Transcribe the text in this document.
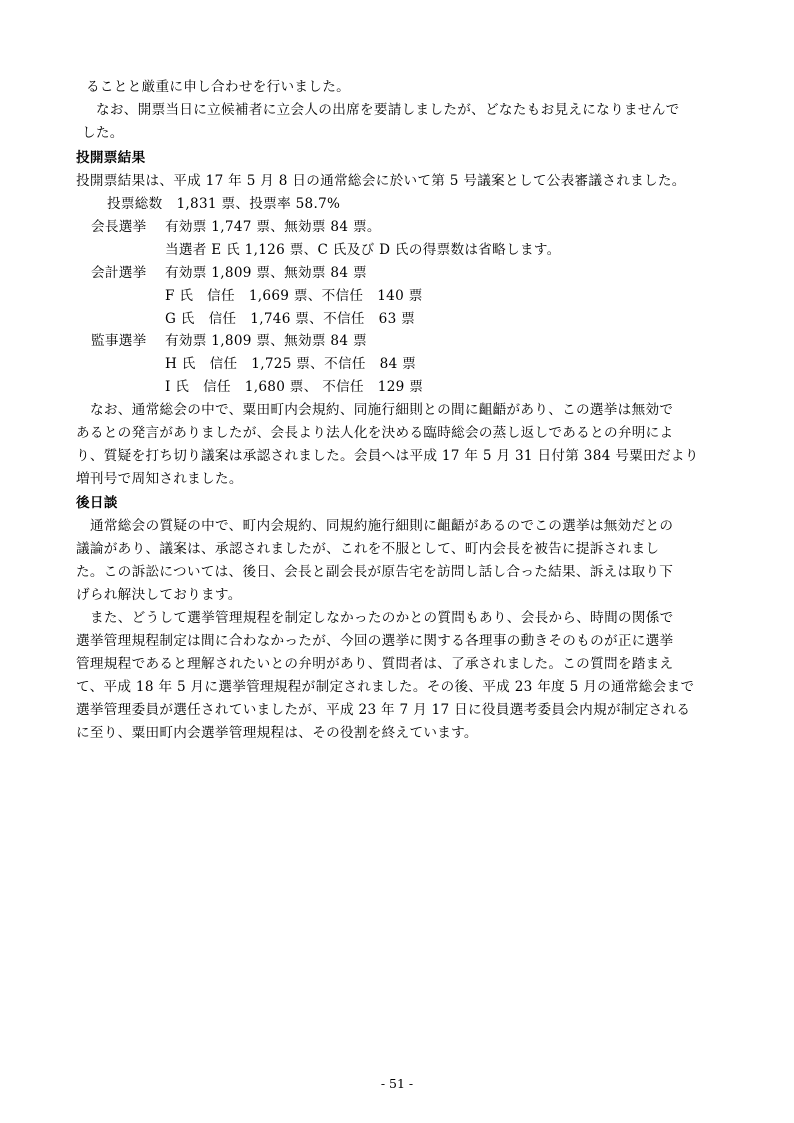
ることと厳重に申し合わせを行いました。
なお、開票当日に立候補者に立会人の出席を要請しましたが、どなたもお見えになりませんで
した。
投開票結果
投開票結果は、平成 17 年 5 月 8 日の通常総会に於いて第 5 号議案として公表審議されました。
投票総数　1,831 票、投票率 58.7%
会長選挙 有効票 1,747 票、無効票 84 票。
当選者 E 氏 1,126 票、C 氏及び D 氏の得票数は省略します。
会計選挙 有効票 1,809 票、無効票 84 票
F 氏　信任　1,669 票、不信任　140 票
G 氏　信任　1,746 票、不信任　63 票
監事選挙 有効票 1,809 票、無効票 84 票
H 氏　信任　1,725 票、不信任　84 票
I 氏　信任　1,680 票、 不信任　129 票
なお、通常総会の中で、粟田町内会規約、同施行細則との間に齟齬があり、この選挙は無効で
あるとの発言がありましたが、会長より法人化を決める臨時総会の蒸し返しであるとの弁明によ
り、質疑を打ち切り議案は承認されました。会員へは平成 17 年 5 月 31 日付第 384 号粟田だより
増刊号で周知されました。
後日談
通常総会の質疑の中で、町内会規約、同規約施行細則に齟齬があるのでこの選挙は無効だとの
議論があり、議案は、承認されましたが、これを不服として、町内会長を被告に提訴されまし
た。この訴訟については、後日、会長と副会長が原告宅を訪問し話し合った結果、訴えは取り下
げられ解決しております。
また、どうして選挙管理規程を制定しなかったのかとの質問もあり、会長から、時間の関係で
選挙管理規程制定は間に合わなかったが、今回の選挙に関する各理事の動きそのものが正に選挙
管理規程であると理解されたいとの弁明があり、質問者は、了承されました。この質問を踏まえ
て、平成 18 年 5 月に選挙管理規程が制定されました。その後、平成 23 年度 5 月の通常総会まで
選挙管理委員が選任されていましたが、平成 23 年 7 月 17 日に役員選考委員会内規が制定される
に至り、粟田町内会選挙管理規程は、その役割を終えています。
- 51 -
